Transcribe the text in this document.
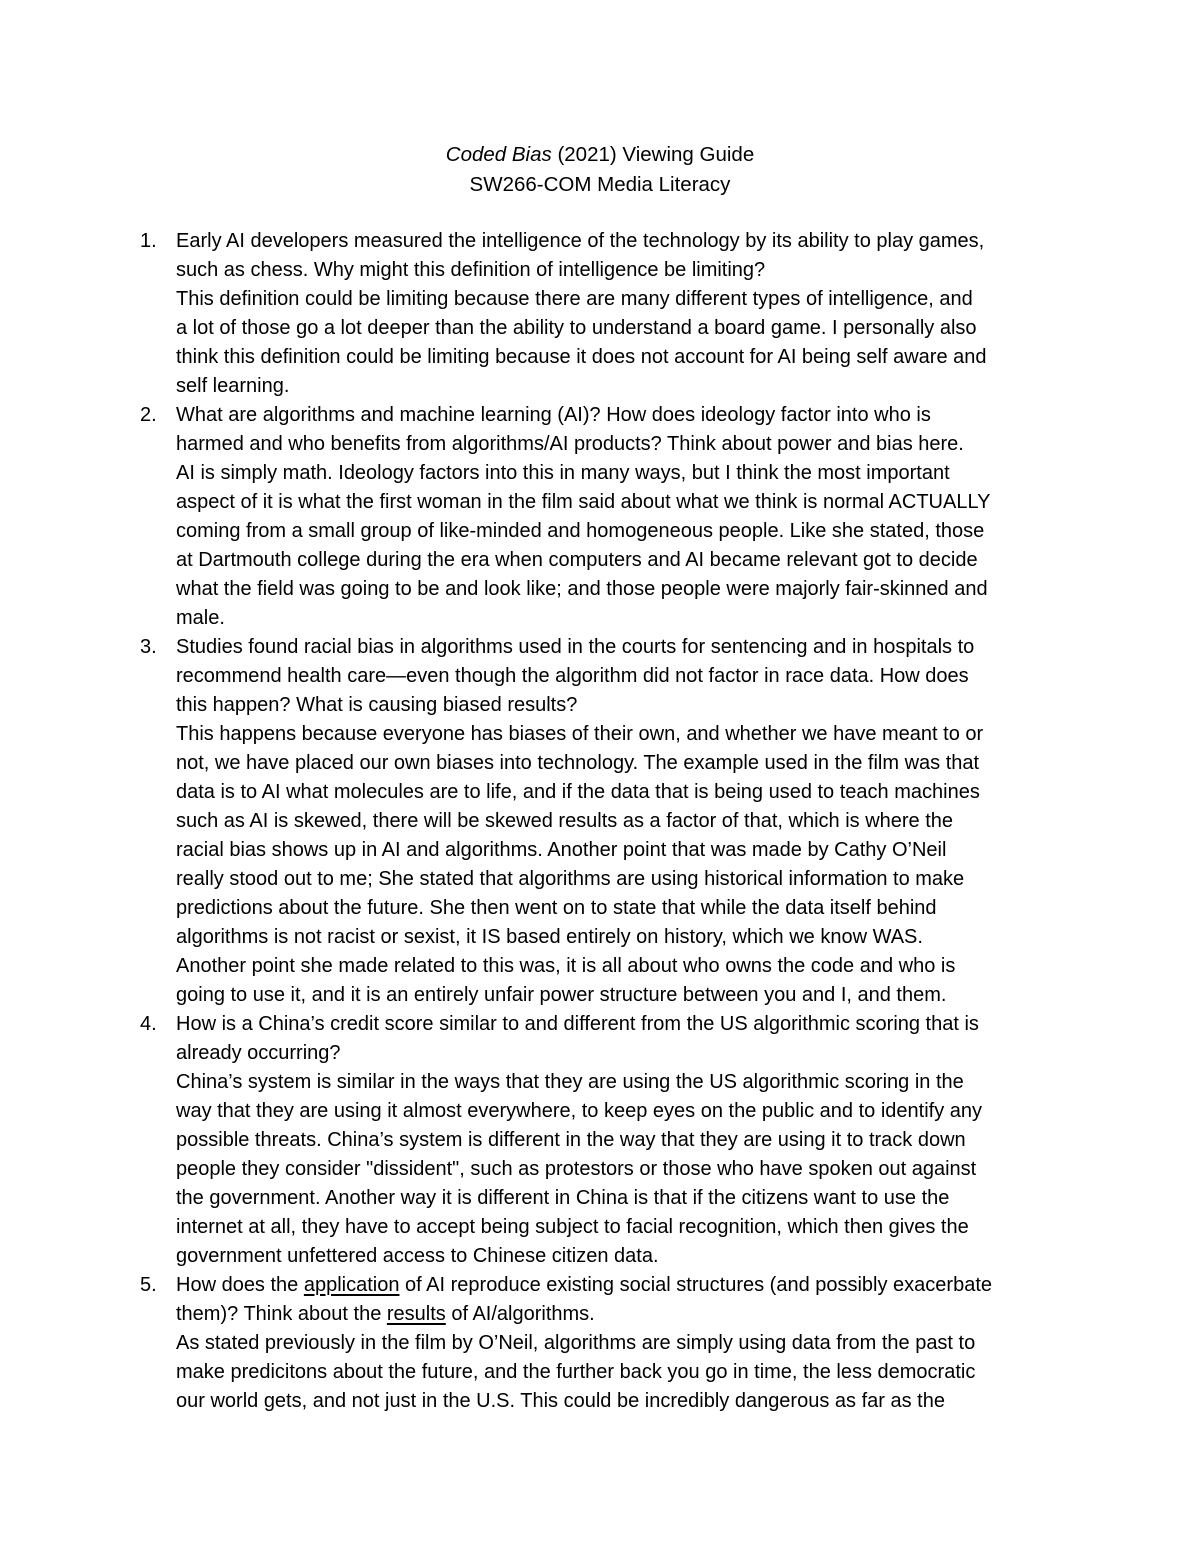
Coded Bias (2021) Viewing Guide
SW266-COM Media Literacy
1. Early AI developers measured the intelligence of the technology by its ability to play games,
such as chess. Why might this definition of intelligence be limiting?
This definition could be limiting because there are many different types of intelligence, and
a lot of those go a lot deeper than the ability to understand a board game. I personally also
think this definition could be limiting because it does not account for AI being self aware and
self learning.
2. What are algorithms and machine learning (AI)? How does ideology factor into who is
harmed and who benefits from algorithms/AI products? Think about power and bias here.
AI is simply math. Ideology factors into this in many ways, but I think the most important
aspect of it is what the first woman in the film said about what we think is normal ACTUALLY
coming from a small group of like-minded and homogeneous people. Like she stated, those
at Dartmouth college during the era when computers and AI became relevant got to decide
what the field was going to be and look like; and those people were majorly fair-skinned and
male.
3. Studies found racial bias in algorithms used in the courts for sentencing and in hospitals to
recommend health care—even though the algorithm did not factor in race data. How does
this happen? What is causing biased results?
This happens because everyone has biases of their own, and whether we have meant to or
not, we have placed our own biases into technology. The example used in the film was that
data is to AI what molecules are to life, and if the data that is being used to teach machines
such as AI is skewed, there will be skewed results as a factor of that, which is where the
racial bias shows up in AI and algorithms. Another point that was made by Cathy O’Neil
really stood out to me; She stated that algorithms are using historical information to make
predictions about the future. She then went on to state that while the data itself behind
algorithms is not racist or sexist, it IS based entirely on history, which we know WAS.
Another point she made related to this was, it is all about who owns the code and who is
going to use it, and it is an entirely unfair power structure between you and I, and them.
4. How is a China’s credit score similar to and different from the US algorithmic scoring that is
already occurring?
China’s system is similar in the ways that they are using the US algorithmic scoring in the
way that they are using it almost everywhere, to keep eyes on the public and to identify any
possible threats. China’s system is different in the way that they are using it to track down
people they consider "dissident", such as protestors or those who have spoken out against
the government. Another way it is different in China is that if the citizens want to use the
internet at all, they have to accept being subject to facial recognition, which then gives the
government unfettered access to Chinese citizen data.
5. How does the application of AI reproduce existing social structures (and possibly exacerbate
them)? Think about the results of AI/algorithms.
As stated previously in the film by O’Neil, algorithms are simply using data from the past to
make predicitons about the future, and the further back you go in time, the less democratic
our world gets, and not just in the U.S. This could be incredibly dangerous as far as the
